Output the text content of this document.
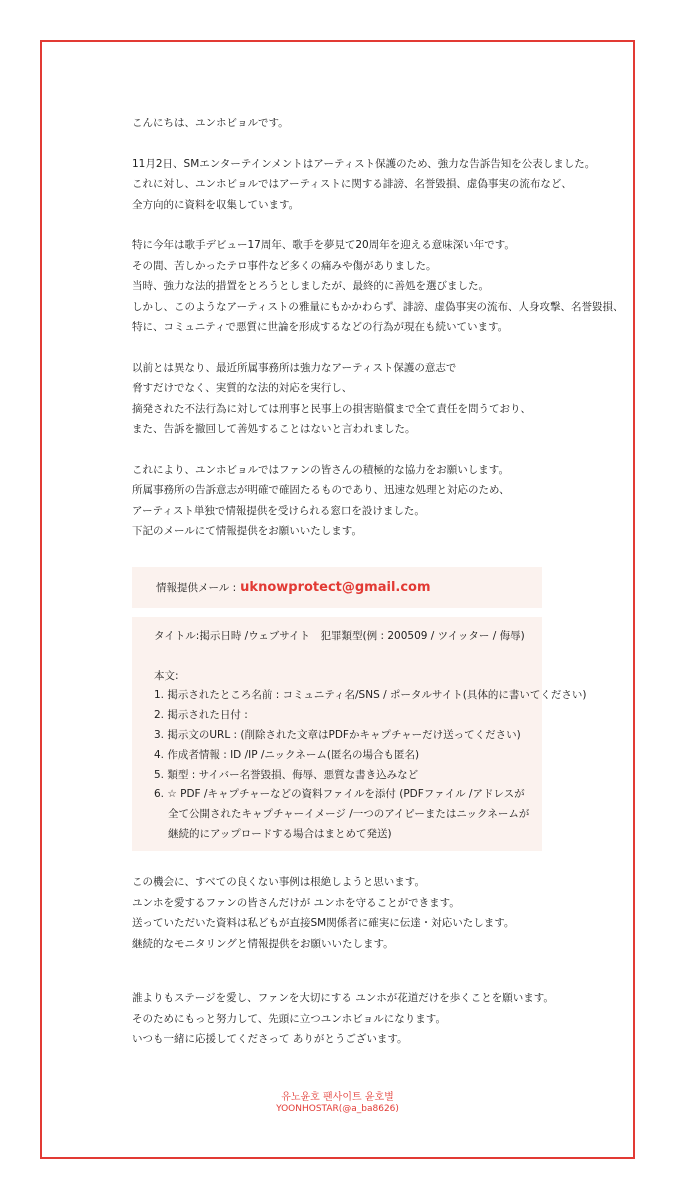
こんにちは、ユンホビョルです。

11月2日、SMエンターテインメントはアーティスト保護のため、強力な告訴告知を公表しました。
これに対し、ユンホビョルではアーティストに関する誹謗、名誉毀損、虚偽事実の流布など、
全方向的に資料を収集しています。

特に今年は歌手デビュー17周年、歌手を夢見て20周年を迎える意味深い年です。
その間、苦しかったテロ事件など多くの痛みや傷がありました。
当時、強力な法的措置をとろうとしましたが、最終的に善処を選びました。
しかし、このようなアーティストの雅量にもかかわらず、誹謗、虚偽事実の流布、人身攻撃、名誉毀損、
特に、コミュニティで悪質に世論を形成するなどの行為が現在も続いています。

以前とは異なり、最近所属事務所は強力なアーティスト保護の意志で
脅すだけでなく、実質的な法的対応を実行し、
摘発された不法行為に対しては刑事と民事上の損害賠償まで全て責任を問うており、
また、告訴を撤回して善処することはないと言われました。

これにより、ユンホビョルではファンの皆さんの積極的な協力をお願いします。
所属事務所の告訴意志が明確で確固たるものであり、迅速な処理と対応のため、
アーティスト単独で情報提供を受けられる窓口を設けました。
下記のメールにて情報提供をお願いいたします。

情報提供メール : uknowprotect@gmail.com
タイトル:掲示日時 /ウェブサイト　犯罪類型(例 : 200509 / ツイッター / 侮辱)
本文:
1. 掲示されたところ名前 : コミュニティ名/SNS / ポータルサイト(具体的に書いてください)
2. 掲示された日付 :
3. 掲示文のURL : (削除された文章はPDFかキャプチャーだけ送ってください)
4. 作成者情報 : ID /IP /ニックネーム(匿名の場合も匿名)
5. 類型 : サイバー名誉毀損、侮辱、悪質な書き込みなど
6. ☆ PDF /キャプチャーなどの資料ファイルを添付 (PDFファイル /アドレスが
全て公開されたキャプチャーイメージ /一つのアイピーまたはニックネームが
継続的にアップロードする場合はまとめて発送)
この機会に、すべての良くない事例は根絶しようと思います。
ユンホを愛するファンの皆さんだけが ユンホを守ることができます。
送っていただいた資料は私どもが直接SM関係者に確実に伝達・対応いたします。
継続的なモニタリングと情報提供をお願いいたします。
誰よりもステージを愛し、ファンを大切にする ユンホが花道だけを歩くことを願います。
そのためにもっと努力して、先頭に立つユンホビョルになります。
いつも一緒に応援してくださって ありがとうございます。
유노윤호 팬사이트 윤호별
YOONHOSTAR(@a_ba8626)
